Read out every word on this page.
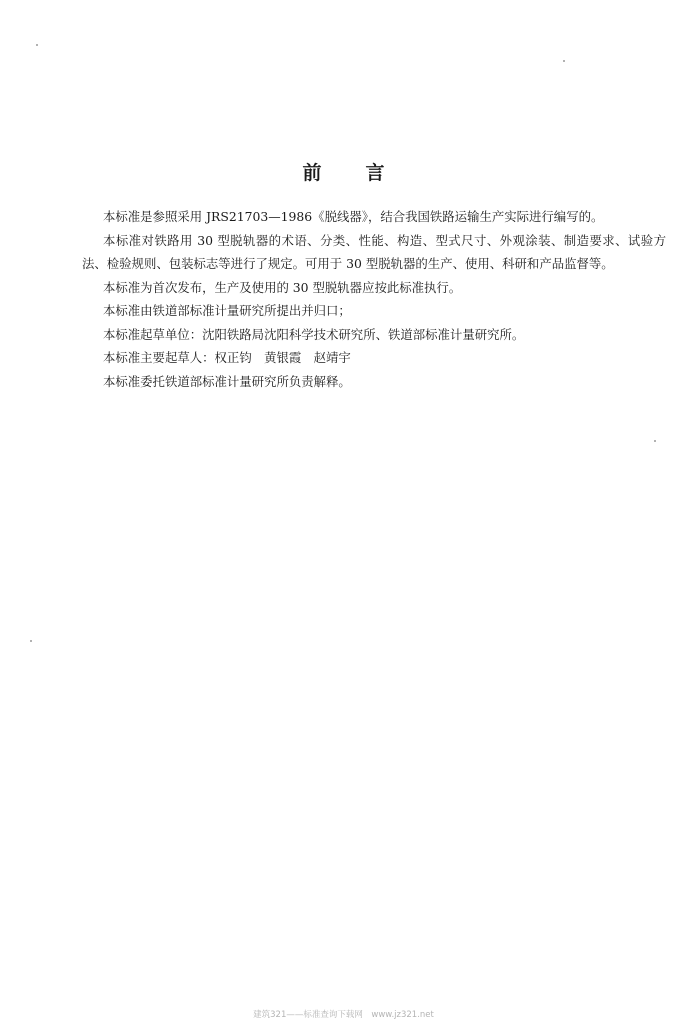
前言

本标准是参照采用 JRS21703—1986《脱线器》，结合我国铁路运输生产实际进行编写的。

本标准对铁路用 30 型脱轨器的术语、分类、性能、构造、型式尺寸、外观涂装、制造要求、试验方法、检验规则、包装标志等进行了规定。可用于 30 型脱轨器的生产、使用、科研和产品监督等。

本标准为首次发布，生产及使用的 30 型脱轨器应按此标准执行。

本标准由铁道部标准计量研究所提出并归口；

本标准起草单位：沈阳铁路局沈阳科学技术研究所、铁道部标准计量研究所。

本标准主要起草人：权正钧　黄银霞　赵靖宇

本标准委托铁道部标准计量研究所负责解释。

建筑321——标准查询下载网　www.jz321.net
